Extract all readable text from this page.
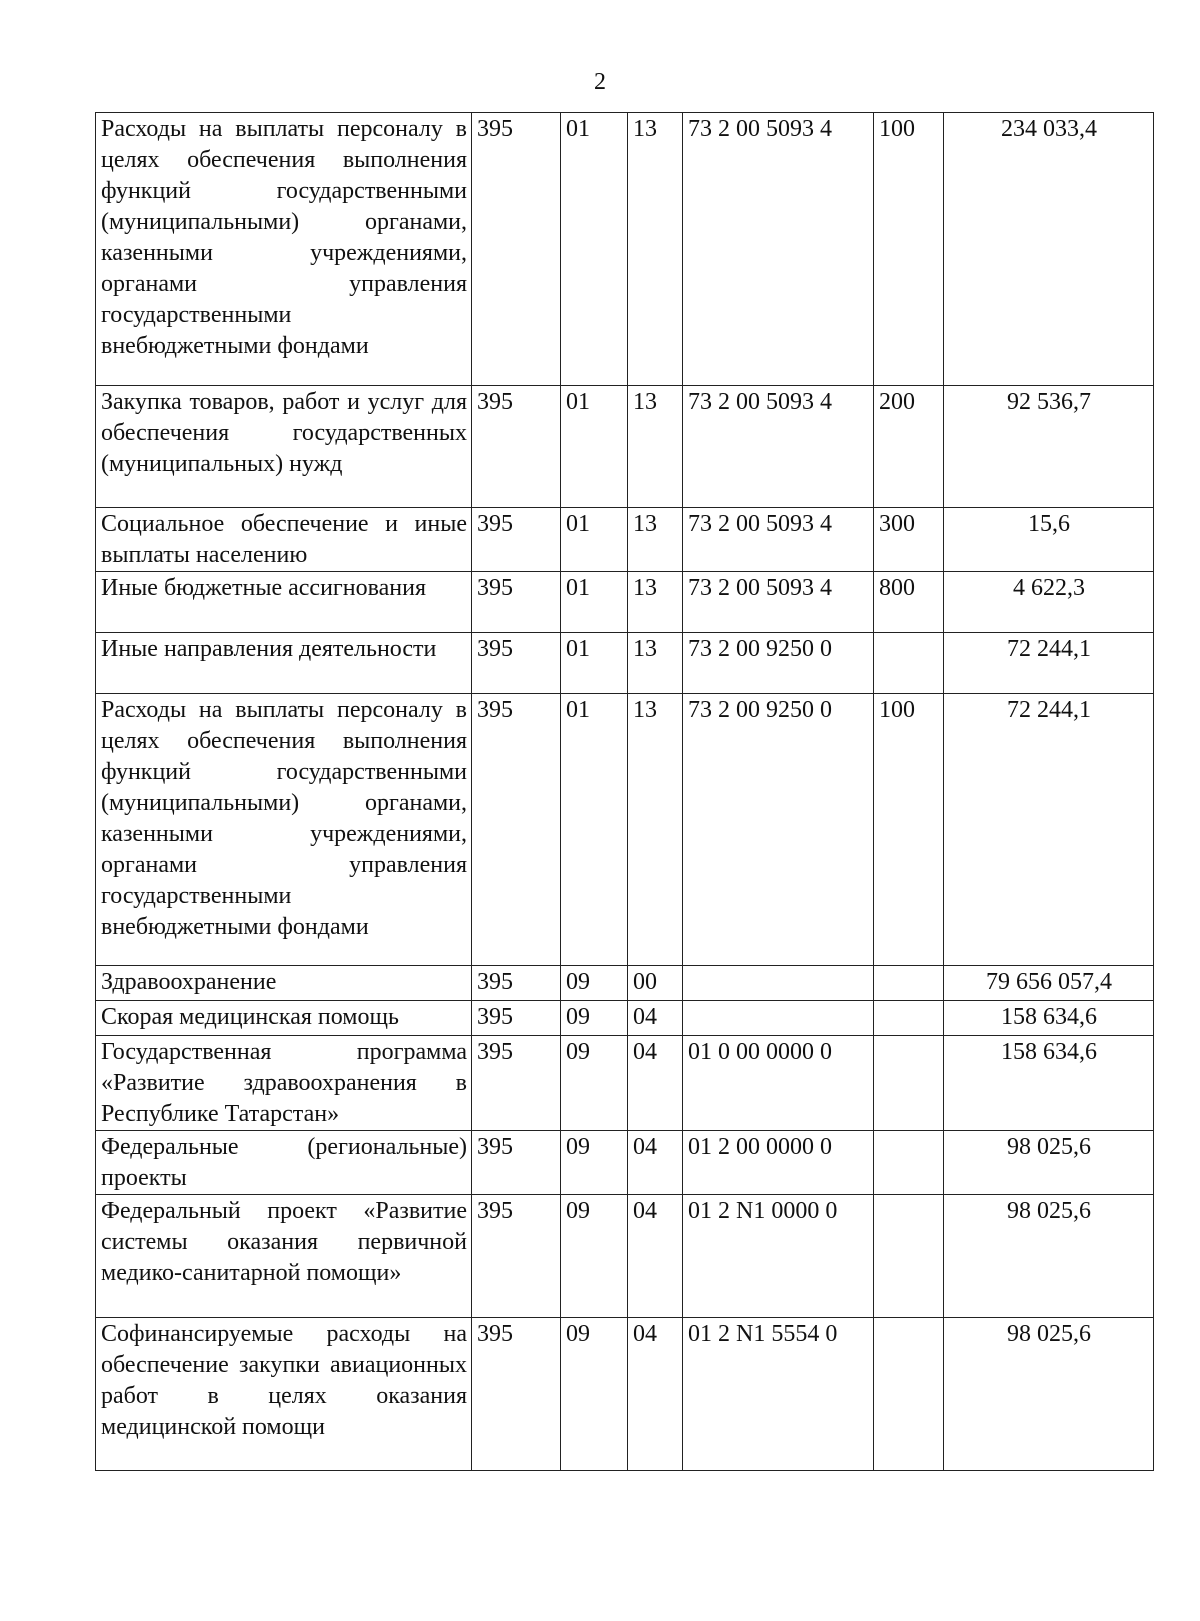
2
Расходы на выплаты персоналу в целях обеспечения выполнения функций государственными (муниципальными) органами, казенными учреждениями, органами управления государственными внебюджетными фондами	395	01	13	73 2 00 5093 4	100	234 033,4
Закупка товаров, работ и услуг для обеспечения государственных (муниципальных) нужд	395	01	13	73 2 00 5093 4	200	92 536,7
Социальное обеспечение и иные выплаты населению	395	01	13	73 2 00 5093 4	300	15,6
Иные бюджетные ассигнования	395	01	13	73 2 00 5093 4	800	4 622,3
Иные направления деятельности	395	01	13	73 2 00 9250 0		72 244,1
Расходы на выплаты персоналу в целях обеспечения выполнения функций государственными (муниципальными) органами, казенными учреждениями, органами управления государственными внебюджетными фондами	395	01	13	73 2 00 9250 0	100	72 244,1
Здравоохранение	395	09	00			79 656 057,4
Скорая медицинская помощь	395	09	04			158 634,6
Государственная программа «Развитие здравоохранения в Республике Татарстан»	395	09	04	01 0 00 0000 0		158 634,6
Федеральные (региональные) проекты	395	09	04	01 2 00 0000 0		98 025,6
Федеральный проект «Развитие системы оказания первичной медико-санитарной помощи»	395	09	04	01 2 N1 0000 0		98 025,6
Софинансируемые расходы на обеспечение закупки авиационных работ в целях оказания медицинской помощи	395	09	04	01 2 N1 5554 0		98 025,6
